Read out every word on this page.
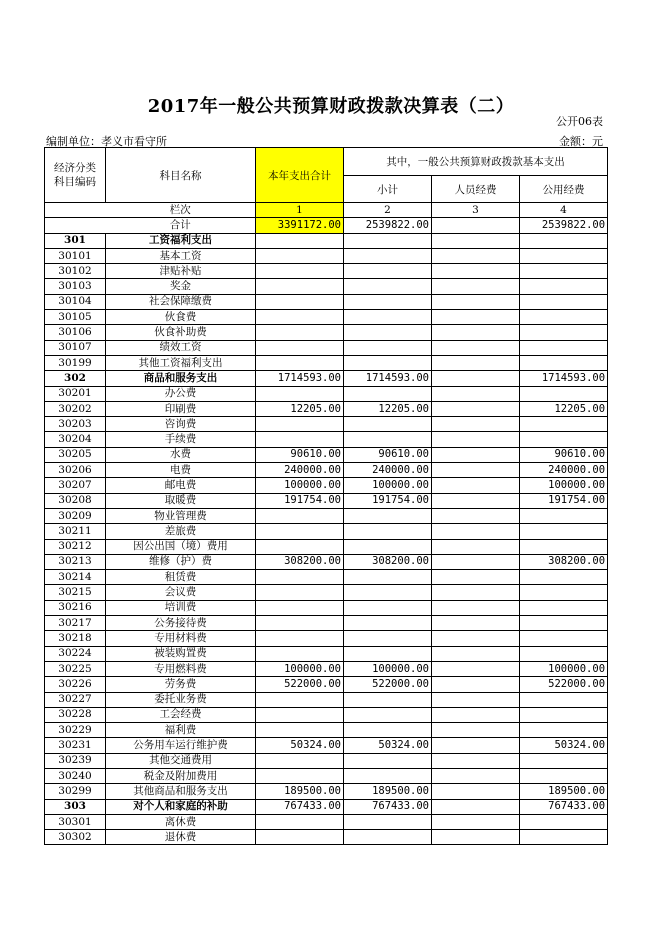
2017年一般公共预算财政拨款决算表（二）
公开06表
编制单位：孝义市看守所	金额：元
经济分类
科目编码	科目名称	本年支出合计	其中，一般公共预算财政拨款基本支出		
			小计	人员经费	公用经费
	栏次	1	2	3	4
	合计	3391172.00	2539822.00		2539822.00
301	工资福利支出				
30101	基本工资				
30102	津贴补贴				
30103	奖金				
30104	社会保障缴费				
30105	伙食费				
30106	伙食补助费				
30107	绩效工资				
30199	其他工资福利支出				
302	商品和服务支出	1714593.00	1714593.00		1714593.00
30201	办公费				
30202	印刷费	12205.00	12205.00		12205.00
30203	咨询费				
30204	手续费				
30205	水费	90610.00	90610.00		90610.00
30206	电费	240000.00	240000.00		240000.00
30207	邮电费	100000.00	100000.00		100000.00
30208	取暖费	191754.00	191754.00		191754.00
30209	物业管理费				
30211	差旅费				
30212	因公出国（境）费用				
30213	维修（护）费	308200.00	308200.00		308200.00
30214	租赁费				
30215	会议费				
30216	培训费				
30217	公务接待费				
30218	专用材料费				
30224	被装购置费				
30225	专用燃料费	100000.00	100000.00		100000.00
30226	劳务费	522000.00	522000.00		522000.00
30227	委托业务费				
30228	工会经费				
30229	福利费				
30231	公务用车运行维护费	50324.00	50324.00		50324.00
30239	其他交通费用				
30240	税金及附加费用				
30299	其他商品和服务支出	189500.00	189500.00		189500.00
303	对个人和家庭的补助	767433.00	767433.00		767433.00
30301	离休费				
30302	退休费				
